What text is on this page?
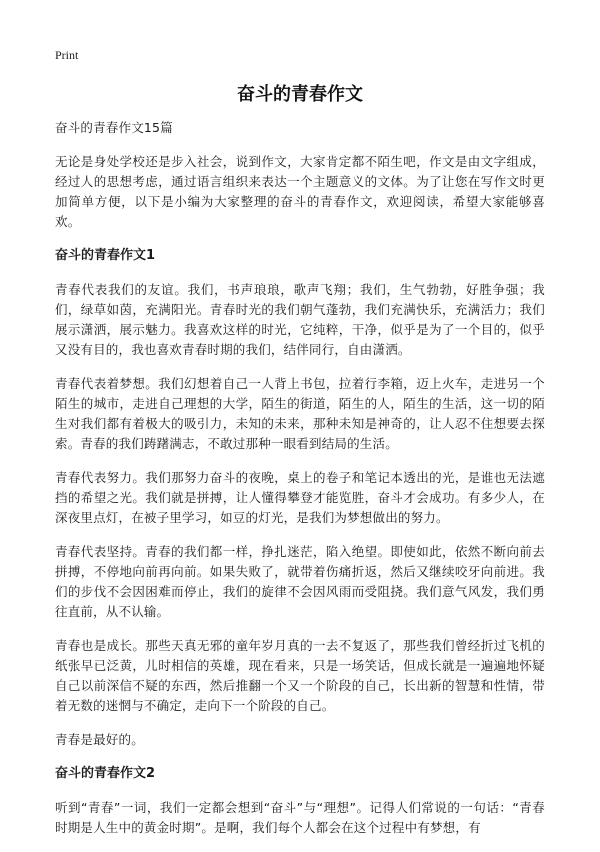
Print
奋斗的青春作文

奋斗的青春作文15篇

无论是身处学校还是步入社会，说到作文，大家肯定都不陌生吧，作文是由文字组成，经过人的思想考虑，通过语言组织来表达一个主题意义的文体。为了让您在写作文时更加简单方便，以下是小编为大家整理的奋斗的青春作文，欢迎阅读，希望大家能够喜欢。

奋斗的青春作文1

青春代表我们的友谊。我们，书声琅琅，歌声飞翔；我们，生气勃勃，好胜争强；我们，绿草如茵，充满阳光。青春时光的我们朝气蓬勃，我们充满快乐，充满活力；我们展示潇洒，展示魅力。我喜欢这样的时光，它纯粹，干净，似乎是为了一个目的，似乎又没有目的，我也喜欢青春时期的我们，结伴同行，自由潇洒。

青春代表着梦想。我们幻想着自己一人背上书包，拉着行李箱，迈上火车，走进另一个陌生的城市，走进自己理想的大学，陌生的街道，陌生的人，陌生的生活，这一切的陌生对我们都有着极大的吸引力，未知的未来，那种未知是神奇的，让人忍不住想要去探索。青春的我们踌躇满志，不敢过那种一眼看到结局的生活。

青春代表努力。我们那努力奋斗的夜晚，桌上的卷子和笔记本透出的光，是谁也无法遮挡的希望之光。我们就是拼搏，让人懂得攀登才能览胜，奋斗才会成功。有多少人，在深夜里点灯，在被子里学习，如豆的灯光，是我们为梦想做出的努力。

青春代表坚持。青春的我们都一样，挣扎迷茫，陷入绝望。即使如此，依然不断向前去拼搏，不停地向前再向前。如果失败了，就带着伤痛折返，然后又继续咬牙向前进。我们的步伐不会因困难而停止，我们的旋律不会因风雨而受阻挠。我们意气风发，我们勇往直前，从不认输。

青春也是成长。那些天真无邪的童年岁月真的一去不复返了，那些我们曾经折过飞机的纸张早已泛黄，儿时相信的英雄，现在看来，只是一场笑话，但成长就是一遍遍地怀疑自己以前深信不疑的东西，然后推翻一个又一个阶段的自己，长出新的智慧和性情，带着无数的迷惘与不确定，走向下一个阶段的自己。

青春是最好的。

奋斗的青春作文2

听到“青春”一词，我们一定都会想到“奋斗”与“理想”。记得人们常说的一句话：“青春时期是人生中的黄金时期”。是啊，我们每个人都会在这个过程中有梦想，有
